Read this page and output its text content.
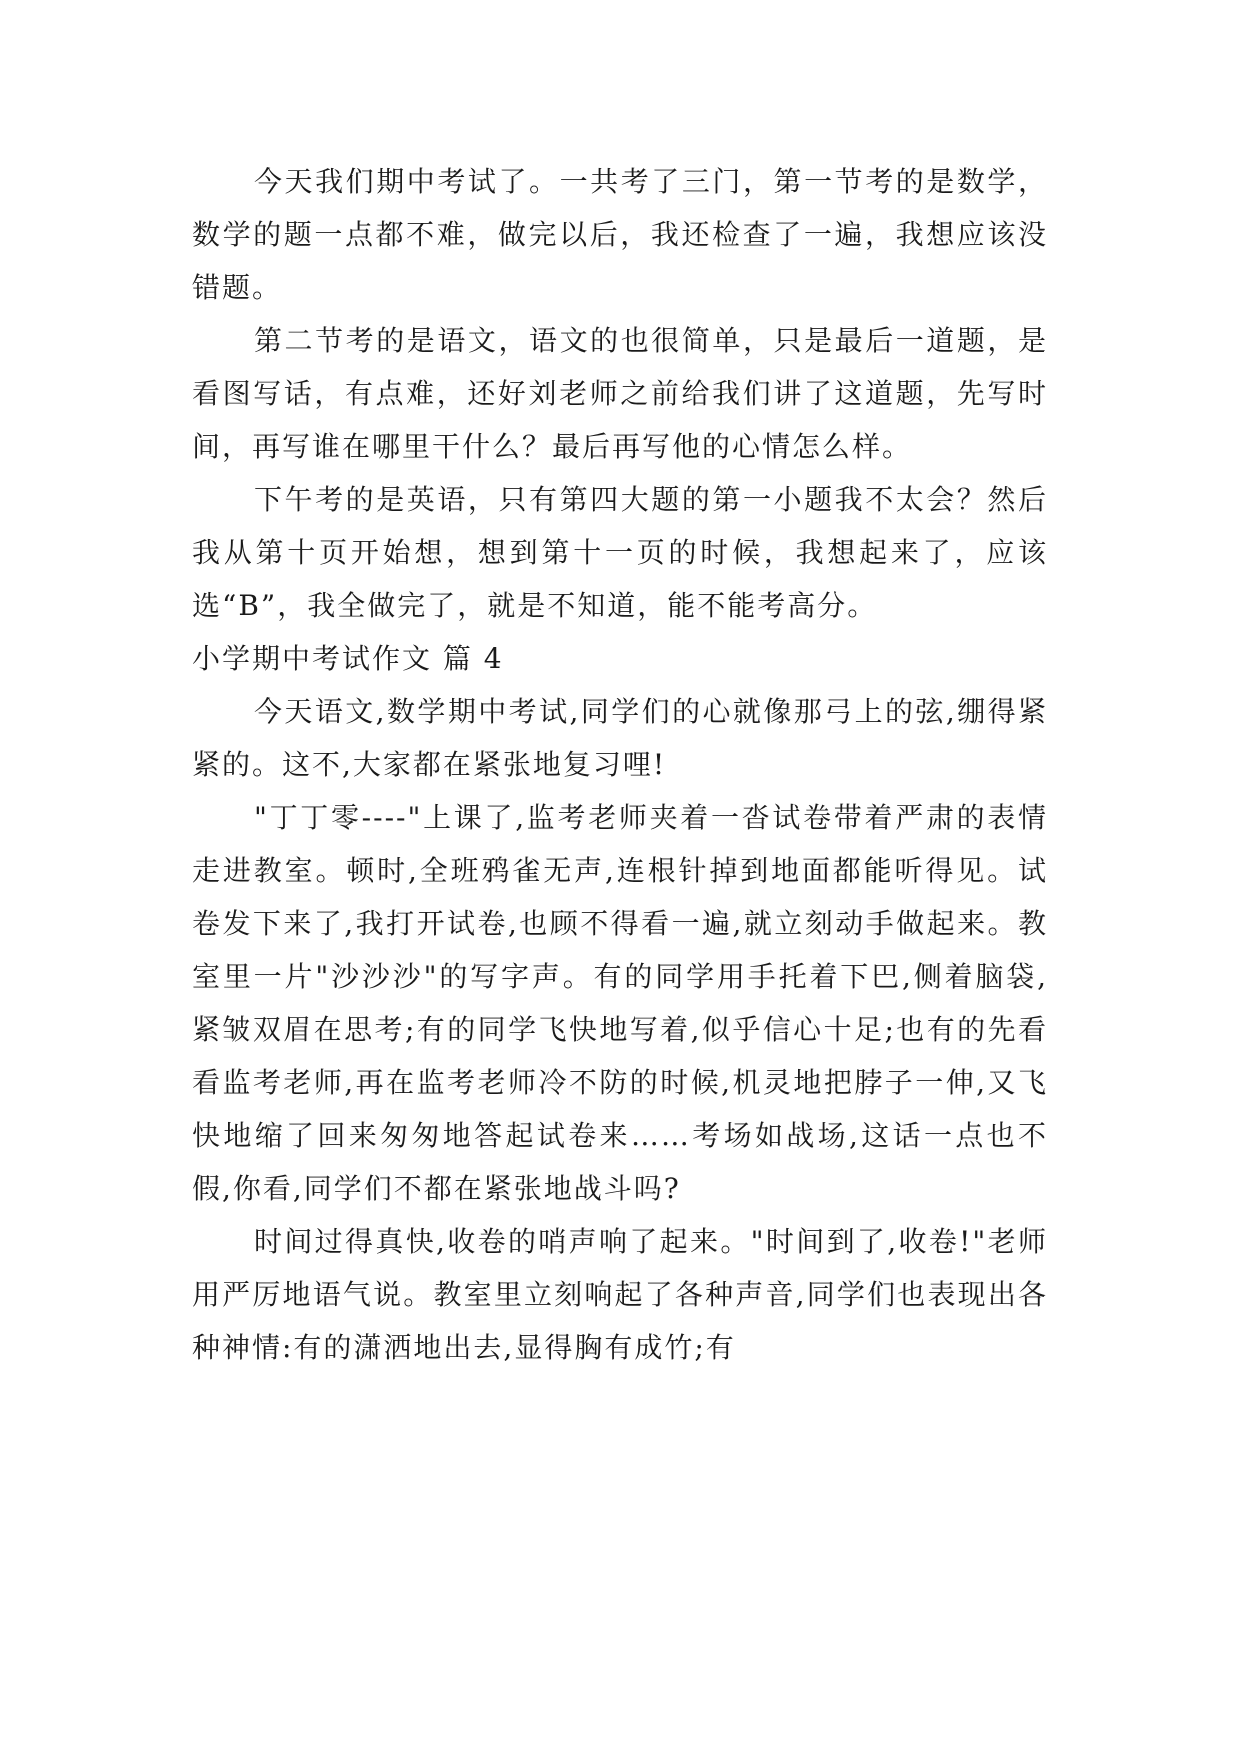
今天我们期中考试了。一共考了三门，第一节考的是数学，数学的题一点都不难，做完以后，我还检查了一遍，我想应该没错题。

第二节考的是语文，语文的也很简单，只是最后一道题，是看图写话，有点难，还好刘老师之前给我们讲了这道题，先写时间，再写谁在哪里干什么？最后再写他的心情怎么样。

下午考的是英语，只有第四大题的第一小题我不太会？然后我从第十页开始想，想到第十一页的时候，我想起来了，应该选“B”，我全做完了，就是不知道，能不能考高分。

小学期中考试作文 篇 4

今天语文,数学期中考试,同学们的心就像那弓上的弦,绷得紧紧的。这不,大家都在紧张地复习哩!

"丁丁零----"上课了,监考老师夹着一沓试卷带着严肃的表情走进教室。顿时,全班鸦雀无声,连根针掉到地面都能听得见。试卷发下来了,我打开试卷,也顾不得看一遍,就立刻动手做起来。教室里一片"沙沙沙"的写字声。有的同学用手托着下巴,侧着脑袋,紧皱双眉在思考;有的同学飞快地写着,似乎信心十足;也有的先看看监考老师,再在监考老师冷不防的时候,机灵地把脖子一伸,又飞快地缩了回来匆匆地答起试卷来……考场如战场,这话一点也不假,你看,同学们不都在紧张地战斗吗?

时间过得真快,收卷的哨声响了起来。"时间到了,收卷!"老师用严厉地语气说。教室里立刻响起了各种声音,同学们也表现出各种神情:有的潇洒地出去,显得胸有成竹;有
